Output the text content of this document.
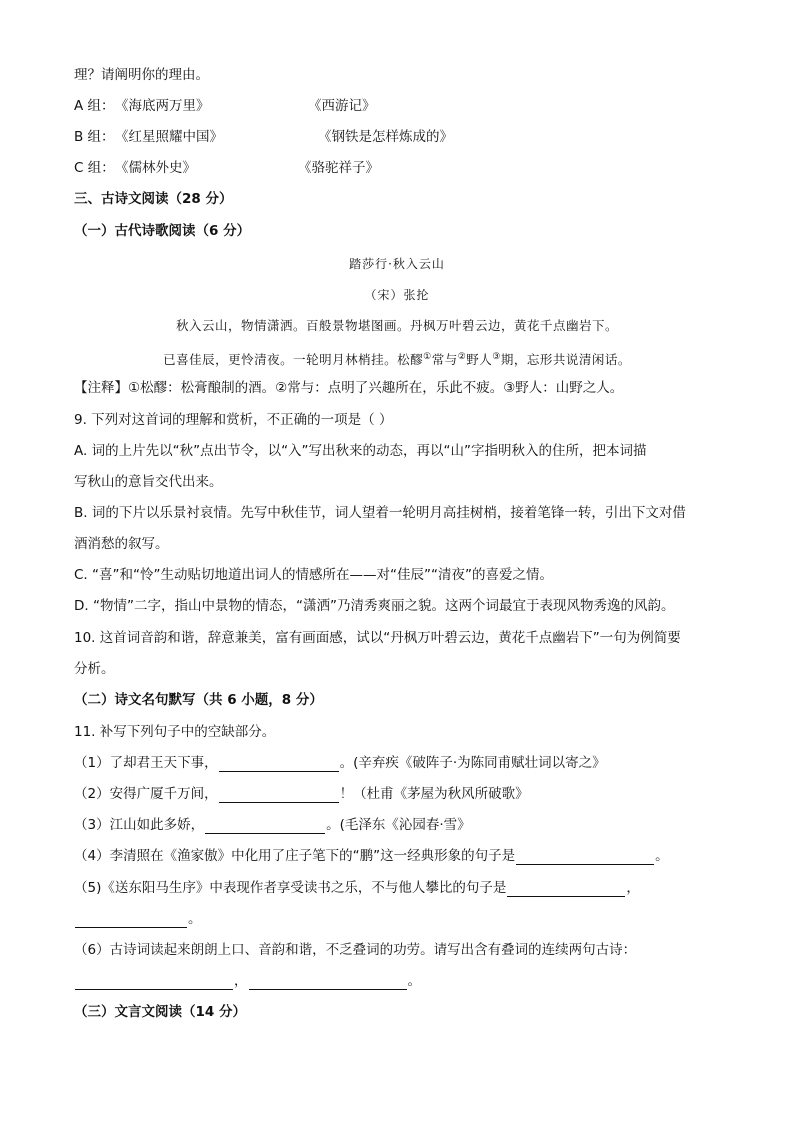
理？请阐明你的理由。
A 组： 《海底两万里》	《西游记》
B 组： 《红星照耀中国》	《钢铁是怎样炼成的》
C 组： 《儒林外史》	《骆驼祥子》
三、古诗文阅读（28 分）
（一）古代诗歌阅读（6 分）
踏莎行·秋入云山
（宋）张抡
秋入云山，物情潇洒。百般景物堪图画。丹枫万叶碧云边，黄花千点幽岩下。
已喜佳辰，更怜清夜。一轮明月林梢挂。松醪①常与②野人③期，忘形共说清闲话。
【注释】①松醪：松膏酿制的酒。②常与：点明了兴趣所在，乐此不疲。③野人：山野之人。
9. 下列对这首词的理解和赏析，不正确的一项是（ ）
A. 词的上片先以“秋”点出节令，以“入”写出秋来的动态，再以“山”字指明秋入的住所，把本词描
写秋山的意旨交代出来。
B. 词的下片以乐景衬哀情。先写中秋佳节，词人望着一轮明月高挂树梢，接着笔锋一转，引出下文对借
酒消愁的叙写。
C. “喜”和“怜”生动贴切地道出词人的情感所在——对“佳辰”“清夜”的喜爱之情。
D. “物情”二字，指山中景物的情态，“潇洒”乃清秀爽丽之貌。这两个词最宜于表现风物秀逸的风韵。
10. 这首词音韵和谐，辞意兼美，富有画面感，试以“丹枫万叶碧云边，黄花千点幽岩下”一句为例简要
分析。
（二）诗文名句默写（共 6 小题，8 分）
11. 补写下列句子中的空缺部分。
（1）了却君王天下事，	。(辛弃疾《破阵子·为陈同甫赋壮词以寄之》
（2）安得广厦千万间，	！（杜甫《茅屋为秋风所破歌》
（3）江山如此多娇，	。(毛泽东《沁园春·雪》
（4）李清照在《渔家傲》中化用了庄子笔下的“鹏”这一经典形象的句子是	。
（5)《送东阳马生序》中表现作者享受读书之乐，不与他人攀比的句子是	，
。
（6）古诗词读起来朗朗上口、音韵和谐，不乏叠词的功劳。请写出含有叠词的连续两句古诗：
，	。
（三）文言文阅读（14 分）
